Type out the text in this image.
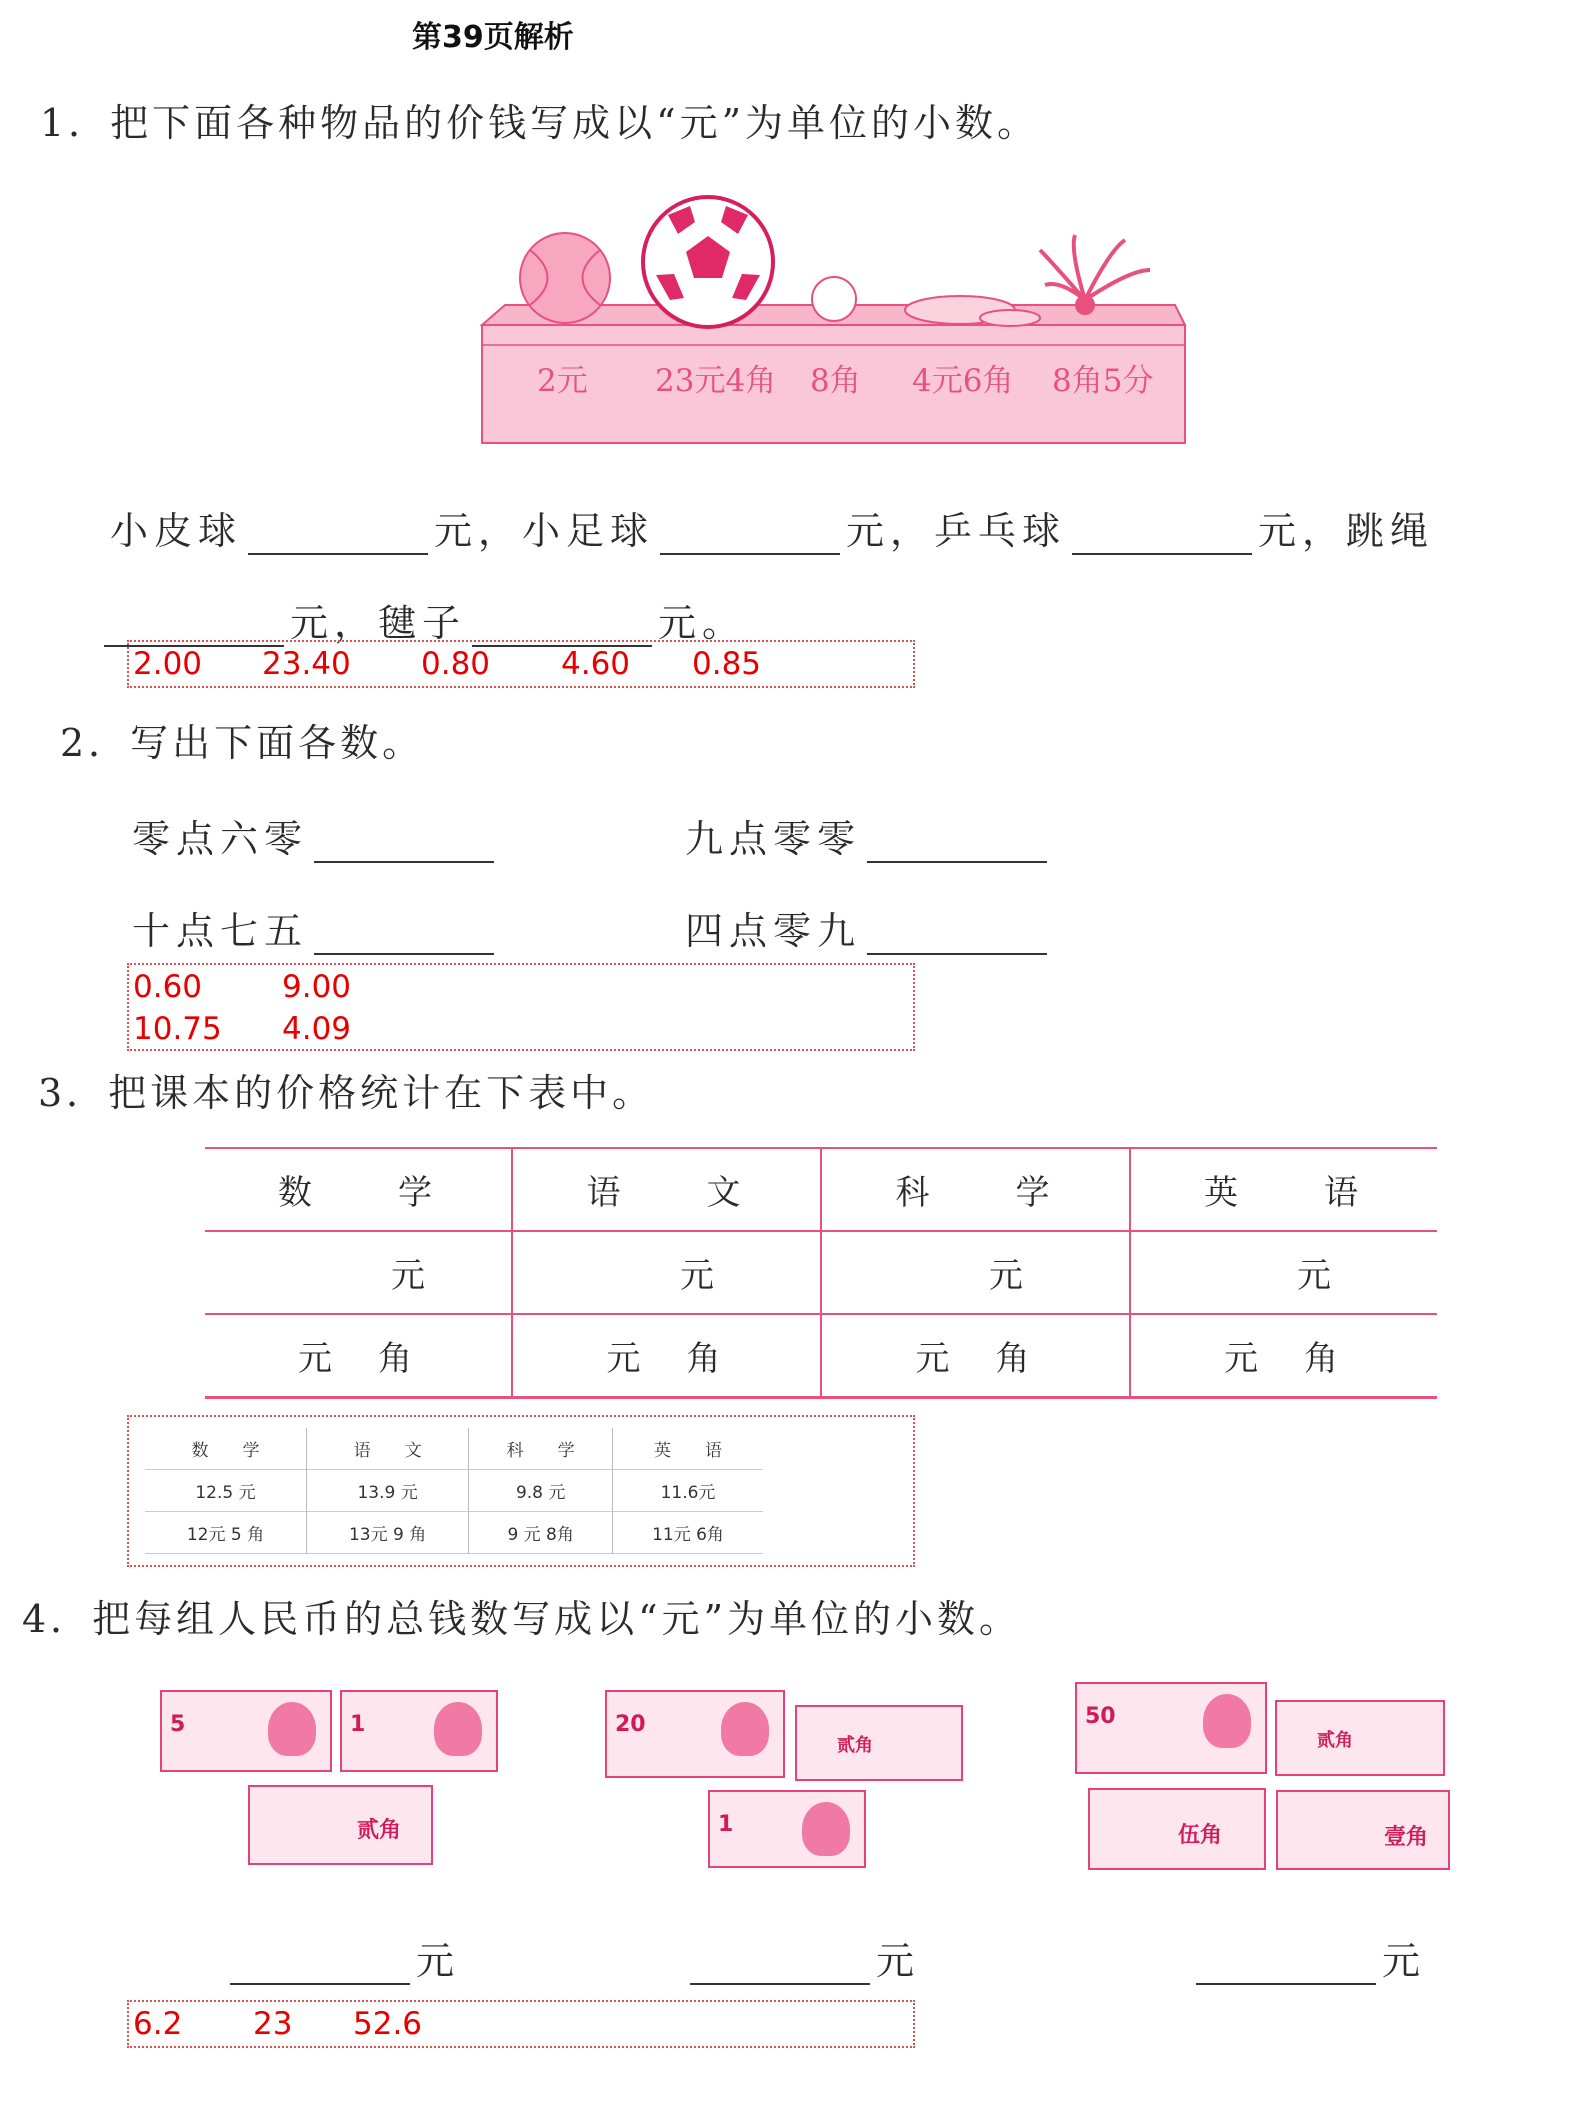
第39页解析
1．把下面各种物品的价钱写成以“元”为单位的小数。
2元 23元4角 8角 4元6角 8角5分
小皮球	元，小足球	元，乒乓球	元，跳绳
元，毽子	元。
2.00 23.40 0.80 4.60 0.85
2．写出下面各数。
零点六零	九点零零
十点七五	四点零九
0.60	9.00
10.75 4.09
3．把课本的价格统计在下表中。
数　　学	语　　文	科　　学	英　　语
元	元	元	元
元　角	元　角	元　角	元　角
数　　学	语　　文	科　　学	英　　语
12.5 元	13.9 元	9.8 元	11.6元
12元 5 角	13元 9 角	9 元 8角	11元 6角
4．把每组人民币的总钱数写成以“元”为单位的小数。
5	1
贰角
20
贰角
1
50
贰角
伍角	壹角
元	元	元
6.2 23 52.6
